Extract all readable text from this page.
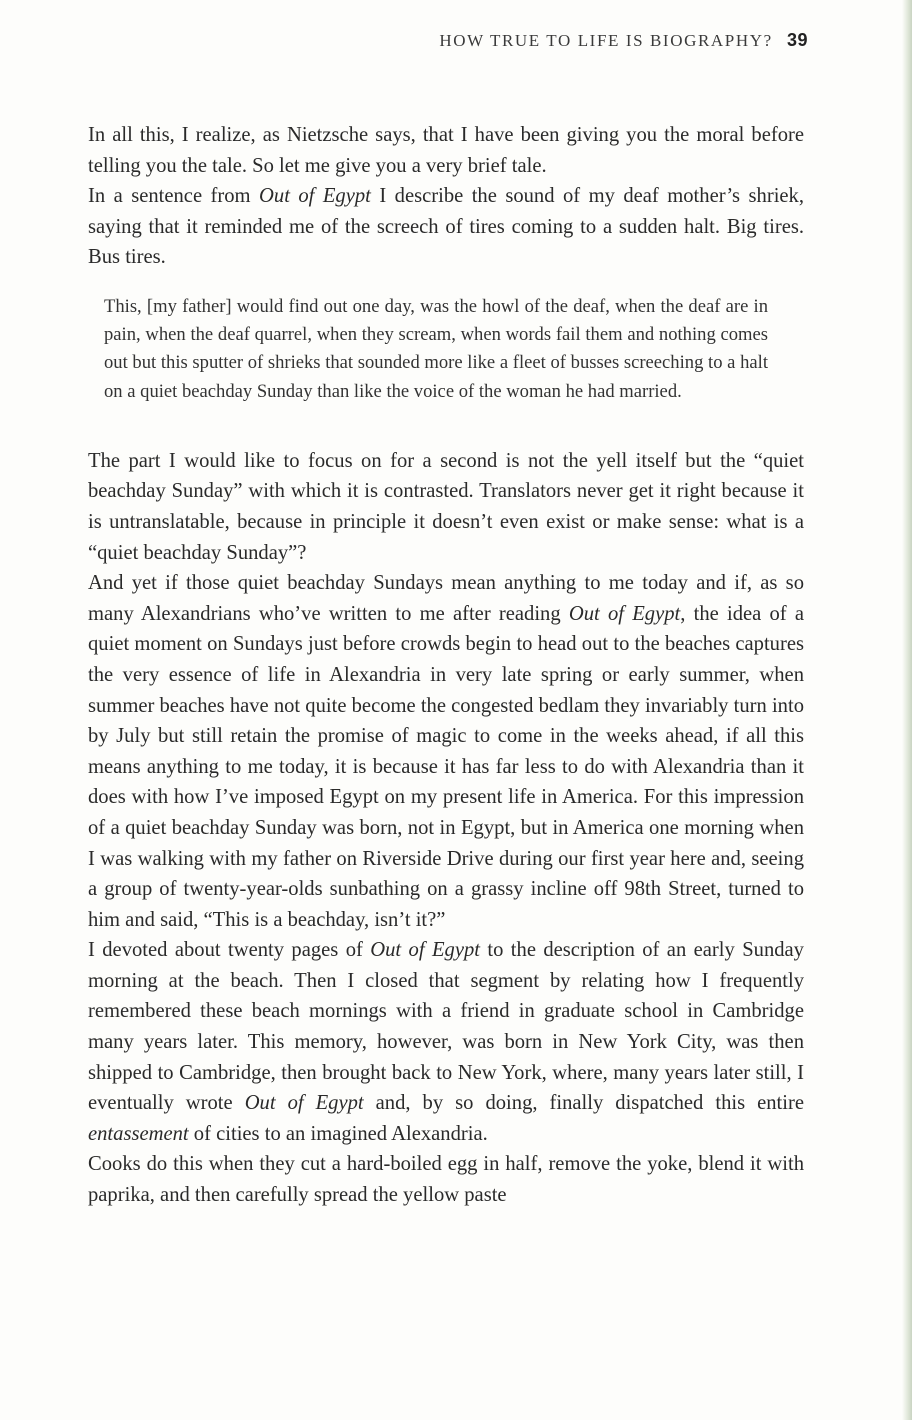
HOW TRUE TO LIFE IS BIOGRAPHY? 39

In all this, I realize, as Nietzsche says, that I have been giving you the moral before telling you the tale. So let me give you a very brief tale.

In a sentence from Out of Egypt I describe the sound of my deaf mother’s shriek, saying that it reminded me of the screech of tires coming to a sudden halt. Big tires. Bus tires.

This, [my father] would find out one day, was the howl of the deaf, when the deaf are in pain, when the deaf quarrel, when they scream, when words fail them and nothing comes out but this sputter of shrieks that sounded more like a fleet of busses screeching to a halt on a quiet beachday Sunday than like the voice of the woman he had married.

The part I would like to focus on for a second is not the yell itself but the “quiet beachday Sunday” with which it is contrasted. Translators never get it right because it is untranslatable, because in principle it doesn’t even exist or make sense: what is a “quiet beachday Sunday”?

And yet if those quiet beachday Sundays mean anything to me today and if, as so many Alexandrians who’ve written to me after reading Out of Egypt, the idea of a quiet moment on Sundays just before crowds begin to head out to the beaches captures the very essence of life in Alexandria in very late spring or early summer, when summer beaches have not quite become the congested bedlam they invariably turn into by July but still retain the promise of magic to come in the weeks ahead, if all this means anything to me today, it is because it has far less to do with Alexandria than it does with how I’ve imposed Egypt on my present life in America. For this impression of a quiet beachday Sunday was born, not in Egypt, but in America one morning when I was walking with my father on Riverside Drive during our first year here and, seeing a group of twenty-year-olds sunbathing on a grassy incline off 98th Street, turned to him and said, “This is a beachday, isn’t it?”

I devoted about twenty pages of Out of Egypt to the description of an early Sunday morning at the beach. Then I closed that segment by relating how I frequently remembered these beach mornings with a friend in graduate school in Cambridge many years later. This memory, however, was born in New York City, was then shipped to Cambridge, then brought back to New York, where, many years later still, I eventually wrote Out of Egypt and, by so doing, finally dispatched this entire entassement of cities to an imagined Alexandria.

Cooks do this when they cut a hard-boiled egg in half, remove the yoke, blend it with paprika, and then carefully spread the yellow paste
